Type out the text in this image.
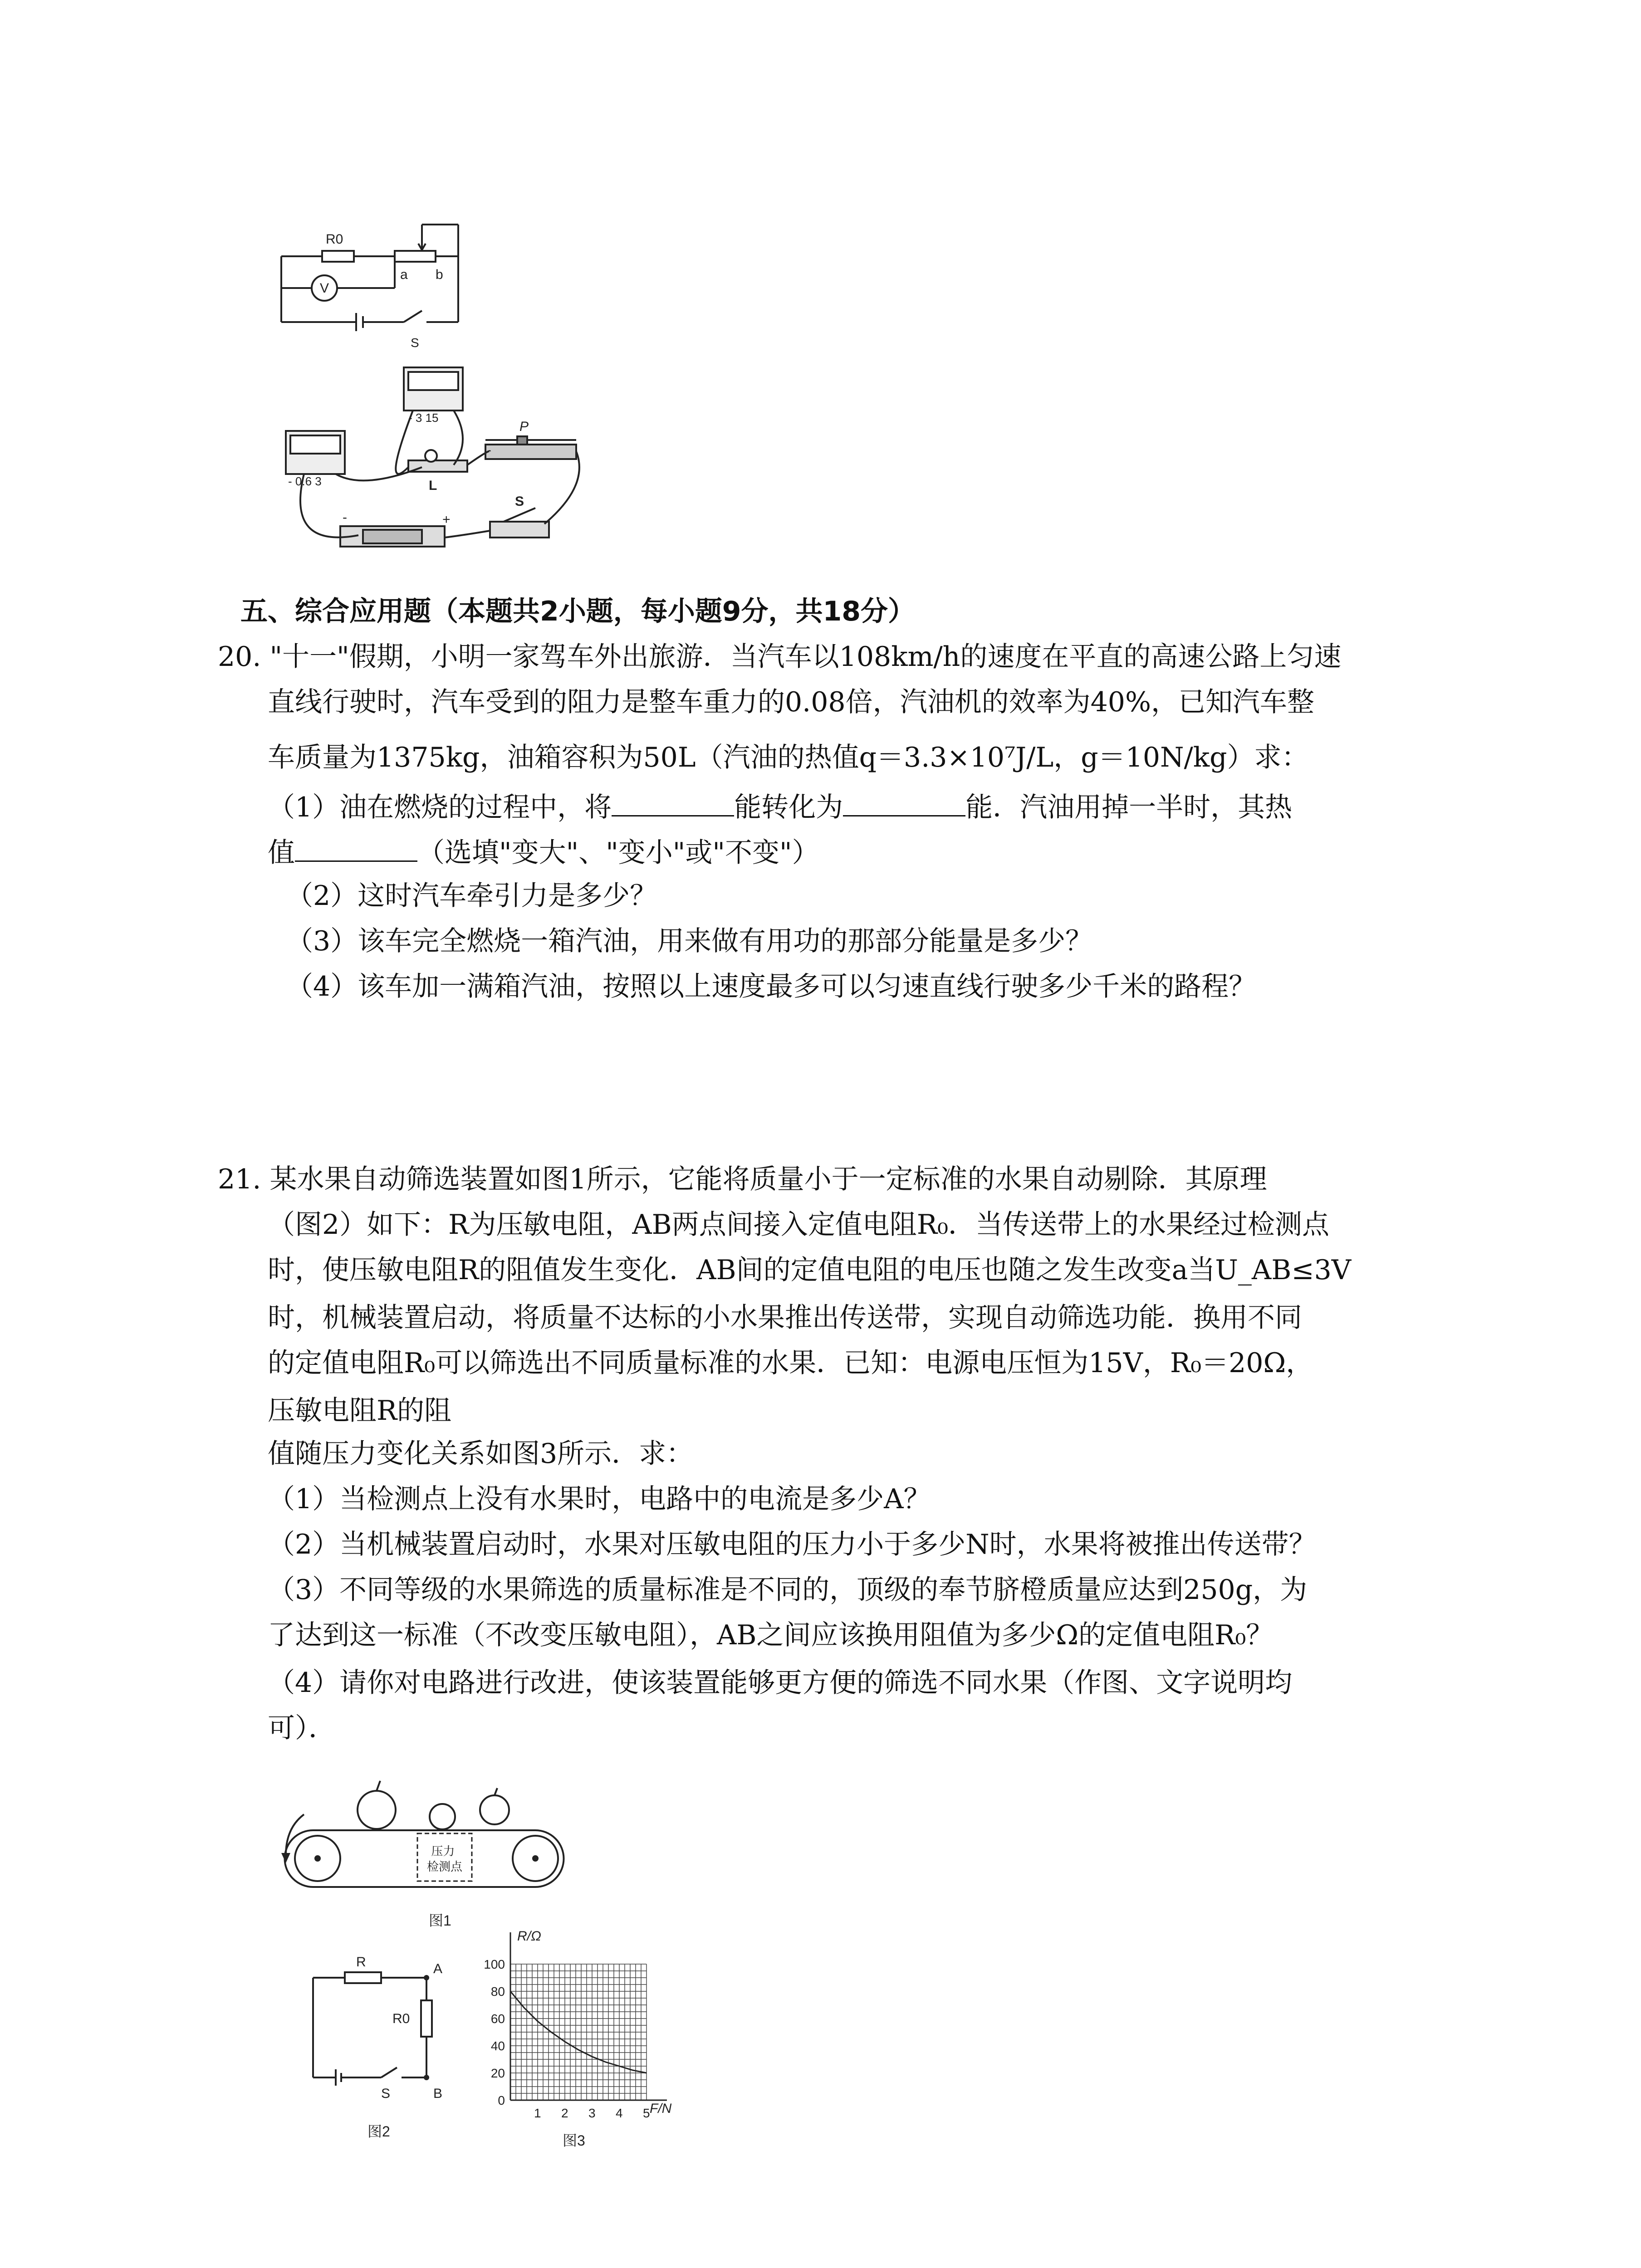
R0
V
a b
S
- 3 15
- 0.6 3	L
P
S
-	+
五、综合应用题（本题共2小题，每小题9分，共18分）
20. "十一"假期，小明一家驾车外出旅游．当汽车以108km/h的速度在平直的高速公路上匀速
直线行驶时，汽车受到的阻力是整车重力的0.08倍，汽油机的效率为40%，已知汽车整
车质量为1375kg，油箱容积为50L（汽油的热值q＝3.3×10⁷J/L，g＝10N/kg）求：
（1）油在燃烧的过程中，将	能转化为	能．汽油用掉一半时，其热
值	（选填"变大"、"变小"或"不变"）
（2）这时汽车牵引力是多少？
（3）该车完全燃烧一箱汽油，用来做有用功的那部分能量是多少？
（4）该车加一满箱汽油，按照以上速度最多可以匀速直线行驶多少千米的路程？
21. 某水果自动筛选装置如图1所示，它能将质量小于一定标准的水果自动剔除．其原理
（图2）如下：R为压敏电阻，AB两点间接入定值电阻R₀．当传送带上的水果经过检测点
时，使压敏电阻R的阻值发生变化．AB间的定值电阻的电压也随之发生改变a当U_AB≤3V
时，机械装置启动，将质量不达标的小水果推出传送带，实现自动筛选功能．换用不同
的定值电阻R₀可以筛选出不同质量标准的水果．已知：电源电压恒为15V，R₀＝20Ω，
压敏电阻R的阻
值随压力变化关系如图3所示．求：
（1）当检测点上没有水果时，电路中的电流是多少A？
（2）当机械装置启动时，水果对压敏电阻的压力小于多少N时，水果将被推出传送带？
（3）不同等级的水果筛选的质量标准是不同的，顶级的奉节脐橙质量应达到250g，为
了达到这一标准（不改变压敏电阻），AB之间应该换用阻值为多少Ω的定值电阻R₀？
（4）请你对电路进行改进，使该装置能够更方便的筛选不同水果（作图、文字说明均
可）．
压力 检测点
图1
R	A
R0
S	B
图2
100
80
60
40
20
0
1 2 3 4 5
R/Ω
F/N
图3
